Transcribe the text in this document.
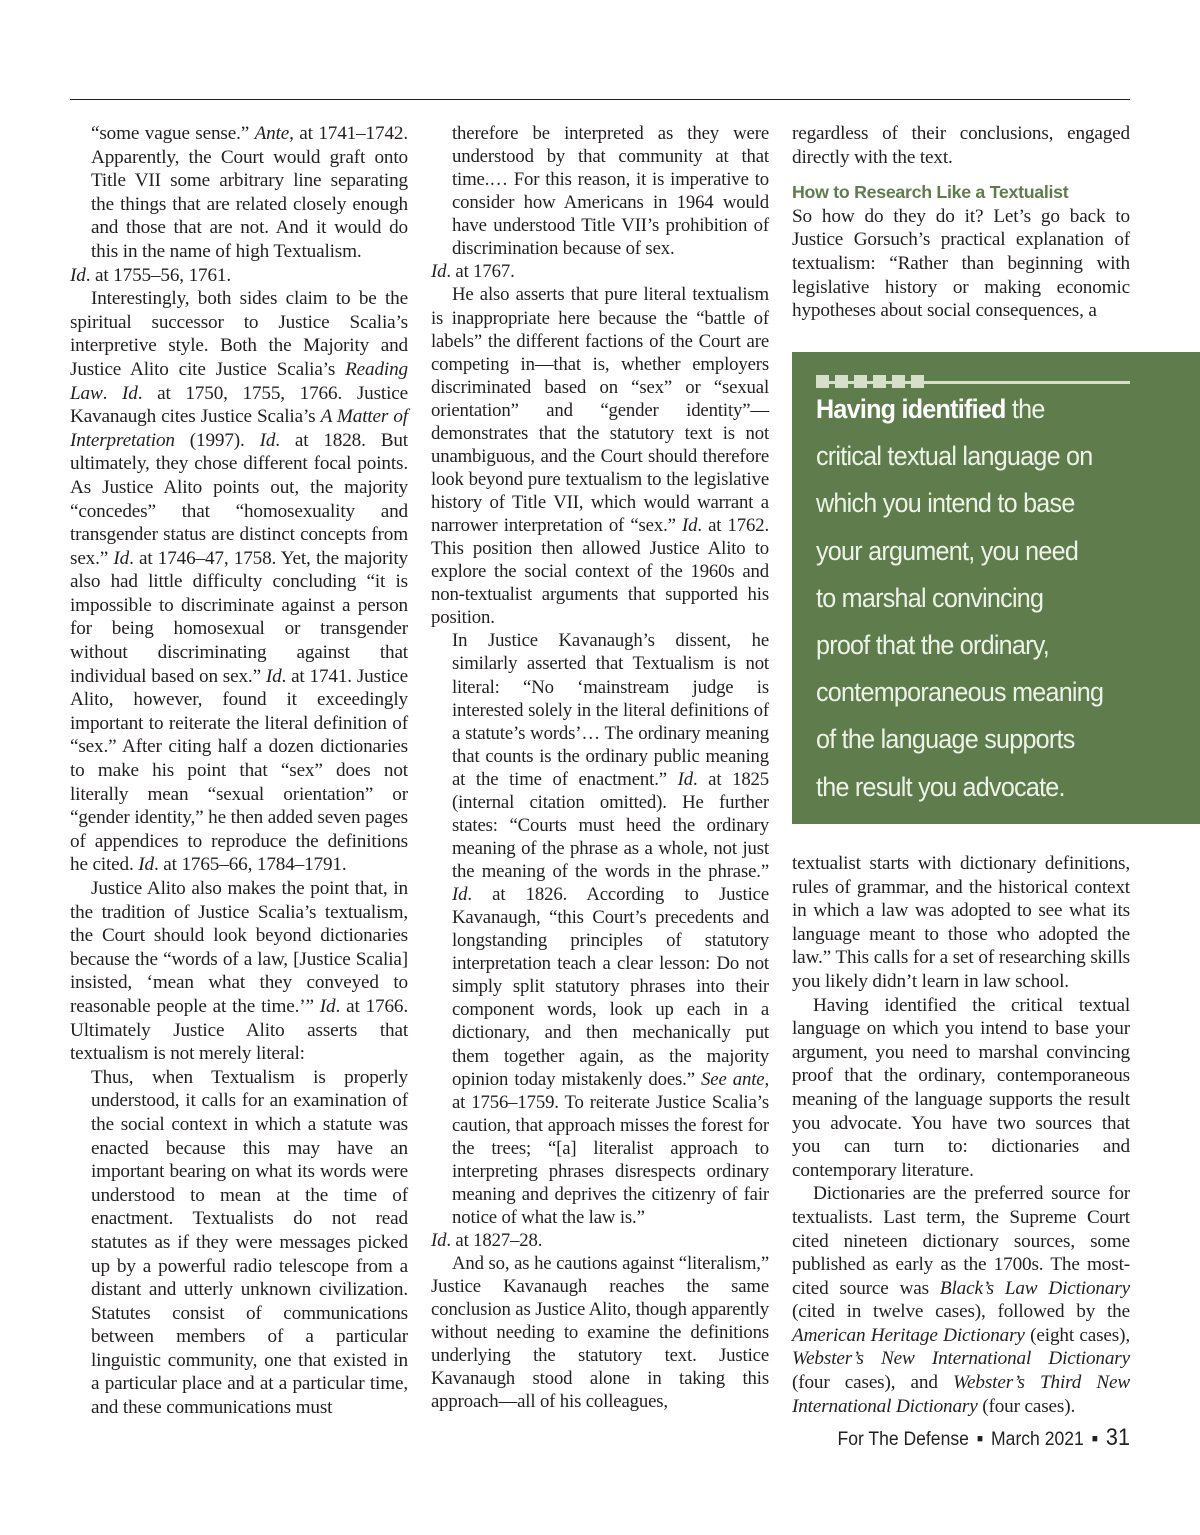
“some vague sense.” Ante, at 1741–1742. Apparently, the Court would graft onto Title VII some arbitrary line separating the things that are related closely enough and those that are not. And it would do this in the name of high Textualism.

Id. at 1755–56, 1761.

Interestingly, both sides claim to be the spiritual successor to Justice Scalia’s interpretive style. Both the Majority and Justice Alito cite Justice Scalia’s Reading Law. Id. at 1750, 1755, 1766. Justice Kavanaugh cites Justice Scalia’s A Matter of Interpretation (1997). Id. at 1828. But ultimately, they chose different focal points. As Justice Alito points out, the majority “concedes” that “homosexuality and transgender status are distinct concepts from sex.” Id. at 1746–47, 1758. Yet, the majority also had little difficulty concluding “it is impossible to discriminate against a person for being homosexual or transgender without discriminating against that individual based on sex.” Id. at 1741. Justice Alito, however, found it exceedingly important to reiterate the literal definition of “sex.” After citing half a dozen dictionaries to make his point that “sex” does not literally mean “sexual orientation” or “gender identity,” he then added seven pages of appendices to reproduce the definitions he cited. Id. at 1765–66, 1784–1791.

Justice Alito also makes the point that, in the tradition of Justice Scalia’s textualism, the Court should look beyond dictionaries because the “words of a law, [Justice Scalia] insisted, ‘mean what they conveyed to reasonable people at the time.’” Id. at 1766. Ultimately Justice Alito asserts that textualism is not merely literal:

Thus, when Textualism is properly understood, it calls for an examination of the social context in which a statute was enacted because this may have an important bearing on what its words were understood to mean at the time of enactment. Textualists do not read statutes as if they were messages picked up by a powerful radio telescope from a distant and utterly unknown civilization. Statutes consist of communications between members of a particular linguistic community, one that existed in a particular place and at a particular time, and these communications must

therefore be interpreted as they were understood by that community at that time.… For this reason, it is imperative to consider how Americans in 1964 would have understood Title VII’s prohibition of discrimination because of sex.

Id. at 1767.

He also asserts that pure literal textualism is inappropriate here because the “battle of labels” the different factions of the Court are competing in—that is, whether employers discriminated based on “sex” or “sexual orientation” and “gender identity”—demonstrates that the statutory text is not unambiguous, and the Court should therefore look beyond pure textualism to the legislative history of Title VII, which would warrant a narrower interpretation of “sex.” Id. at 1762. This position then allowed Justice Alito to explore the social context of the 1960s and non-textualist arguments that supported his position.

In Justice Kavanaugh’s dissent, he similarly asserted that Textualism is not literal: “No ‘mainstream judge is interested solely in the literal definitions of a statute’s words’… The ordinary meaning that counts is the ordinary public meaning at the time of enactment.” Id. at 1825 (internal citation omitted). He further states: “Courts must heed the ordinary meaning of the phrase as a whole, not just the meaning of the words in the phrase.” Id. at 1826. According to Justice Kavanaugh, “this Court’s precedents and longstanding principles of statutory interpretation teach a clear lesson: Do not simply split statutory phrases into their component words, look up each in a dictionary, and then mechanically put them together again, as the majority opinion today mistakenly does.” See ante, at 1756–1759. To reiterate Justice Scalia’s caution, that approach misses the forest for the trees; “[a] literalist approach to interpreting phrases disrespects ordinary meaning and deprives the citizenry of fair notice of what the law is.”

Id. at 1827–28.

And so, as he cautions against “literalism,” Justice Kavanaugh reaches the same conclusion as Justice Alito, though apparently without needing to examine the definitions underlying the statutory text. Justice Kavanaugh stood alone in taking this approach—all of his colleagues,

regardless of their conclusions, engaged directly with the text.

How to Research Like a Textualist

So how do they do it? Let’s go back to Justice Gorsuch’s practical explanation of textualism: “Rather than beginning with legislative history or making economic hypotheses about social consequences, a

Having identified the
critical textual language on
which you intend to base
your argument, you need
to marshal convincing
proof that the ordinary,
contemporaneous meaning
of the language supports
the result you advocate.

textualist starts with dictionary definitions, rules of grammar, and the historical context in which a law was adopted to see what its language meant to those who adopted the law.” This calls for a set of researching skills you likely didn’t learn in law school.

Having identified the critical textual language on which you intend to base your argument, you need to marshal convincing proof that the ordinary, contemporaneous meaning of the language supports the result you advocate. You have two sources that you can turn to: dictionaries and contemporary literature.

Dictionaries are the preferred source for textualists. Last term, the Supreme Court cited nineteen dictionary sources, some published as early as the 1700s. The most-cited source was Black’s Law Dictionary (cited in twelve cases), followed by the American Heritage Dictionary (eight cases), Webster’s New International Dictionary (four cases), and Webster’s Third New International Dictionary (four cases).

For The Defense ■ March 2021 ■ 31
